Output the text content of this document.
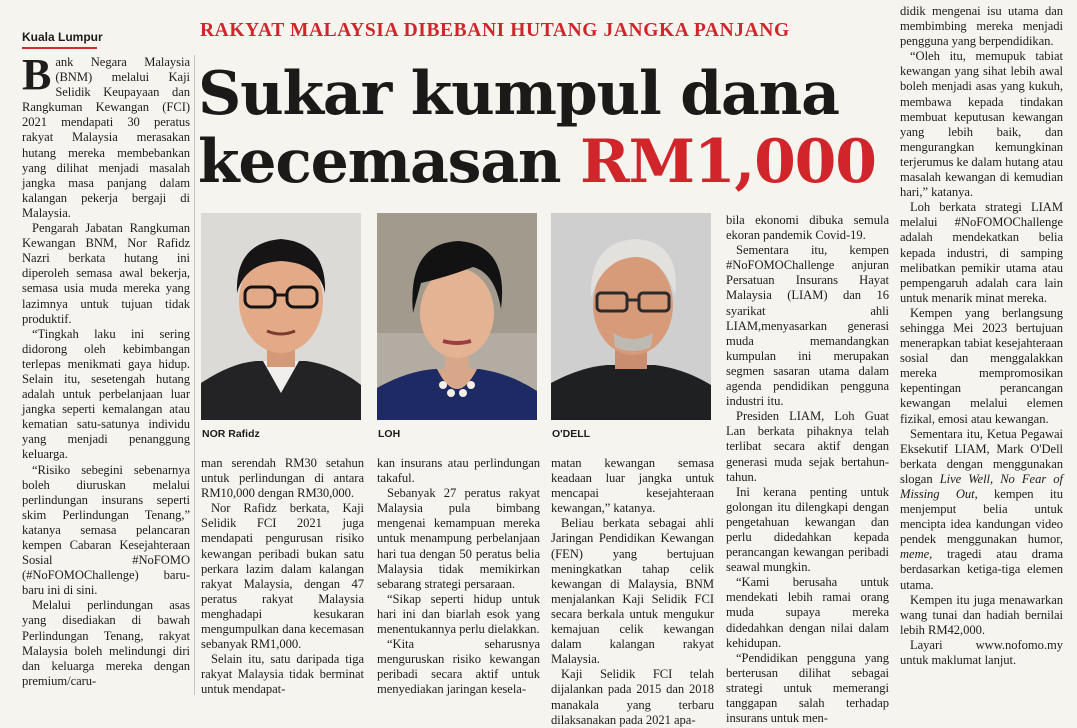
Kuala Lumpur	RAKYAT MALAYSIA DIBEBANI HUTANG JANGKA PANJANG
Sukar kumpul dana
kecemasan RM1,000

Bank Negara Malaysia (BNM) melalui Kaji Selidik Keupayaan dan Rangkuman Kewangan (FCI) 2021 mendapati 30 peratus rakyat Malaysia merasakan hutang mereka membebankan yang dilihat menjadi masalah jangka masa panjang dalam kalangan pekerja bergaji di Malaysia.

Pengarah Jabatan Rangkuman Kewangan BNM, Nor Rafidz Nazri berkata hutang ini diperoleh semasa awal bekerja, semasa usia muda mereka yang lazimnya untuk tujuan tidak produktif.

“Tingkah laku ini sering didorong oleh kebimbangan terlepas menikmati gaya hidup. Selain itu, sesetengah hutang adalah untuk perbelanjaan luar jangka seperti kemalangan atau kematian satu-satunya individu yang menjadi penanggung keluarga.

“Risiko sebegini sebenarnya boleh diuruskan melalui perlindungan insurans seperti skim Perlindungan Tenang,” katanya semasa pelancaran kempen Cabaran Kesejahteraan Sosial #NoFOMO (#NoFOMOChallenge) baru-baru ini di sini.

Melalui perlindungan asas yang disediakan di bawah Perlindungan Tenang, rakyat Malaysia boleh melindungi diri dan keluarga mereka dengan premium/caru-

NOR Rafidz	LOH	O'DELL

man serendah RM30 setahun untuk perlindungan di antara RM10,000 dengan RM30,000.

Nor Rafidz berkata, Kaji Selidik FCI 2021 juga mendapati pengurusan risiko kewangan peribadi bukan satu perkara lazim dalam kalangan rakyat Malaysia, dengan 47 peratus rakyat Malaysia menghadapi kesukaran mengumpulkan dana kecemasan sebanyak RM1,000.

Selain itu, satu daripada tiga rakyat Malaysia tidak berminat untuk mendapat-

kan insurans atau perlindungan takaful.

Sebanyak 27 peratus rakyat Malaysia pula bimbang mengenai kemampuan mereka untuk menampung perbelanjaan hari tua dengan 50 peratus belia Malaysia tidak memikirkan sebarang strategi persaraan.

“Sikap seperti hidup untuk hari ini dan biarlah esok yang menentukannya perlu dielakkan.

“Kita seharusnya menguruskan risiko kewangan peribadi secara aktif untuk menyediakan jaringan kesela-

matan kewangan semasa keadaan luar jangka untuk mencapai kesejahteraan kewangan,” katanya.

Beliau berkata sebagai ahli Jaringan Pendidikan Kewangan (FEN) yang bertujuan meningkatkan tahap celik kewangan di Malaysia, BNM menjalankan Kaji Selidik FCI secara berkala untuk mengukur kemajuan celik kewangan dalam kalangan rakyat Malaysia.

Kaji Selidik FCI telah dijalankan pada 2015 dan 2018 manakala yang terbaru dilaksanakan pada 2021 apa-

bila ekonomi dibuka semula ekoran pandemik Covid-19.

Sementara itu, kempen #NoFOMOChallenge anjuran Persatuan Insurans Hayat Malaysia (LIAM) dan 16 syarikat ahli LIAM,menyasarkan generasi muda memandangkan kumpulan ini merupakan segmen sasaran utama dalam agenda pendidikan pengguna industri itu.

Presiden LIAM, Loh Guat Lan berkata pihaknya telah terlibat secara aktif dengan generasi muda sejak bertahun-tahun.

Ini kerana penting untuk golongan itu dilengkapi dengan pengetahuan kewangan dan perlu didedahkan kepada perancangan kewangan peribadi seawal mungkin.

“Kami berusaha untuk mendekati lebih ramai orang muda supaya mereka didedahkan dengan nilai dalam kehidupan.

“Pendidikan pengguna yang berterusan dilihat sebagai strategi untuk memerangi tanggapan salah terhadap insurans untuk men-

didik mengenai isu utama dan membimbing mereka menjadi pengguna yang berpendidikan.

“Oleh itu, memupuk tabiat kewangan yang sihat lebih awal boleh menjadi asas yang kukuh, membawa kepada tindakan membuat keputusan kewangan yang lebih baik, dan mengurangkan kemungkinan terjerumus ke dalam hutang atau masalah kewangan di kemudian hari,” katanya.

Loh berkata strategi LIAM melalui #NoFOMOChallenge adalah mendekatkan belia kepada industri, di samping melibatkan pemikir utama atau pempengaruh adalah cara lain untuk menarik minat mereka.

Kempen yang berlangsung sehingga Mei 2023 bertujuan menerapkan tabiat kesejahteraan sosial dan menggalakkan mereka mempromosikan kepentingan perancangan kewangan melalui elemen fizikal, emosi atau kewangan.

Sementara itu, Ketua Pegawai Eksekutif LIAM, Mark O'Dell berkata dengan menggunakan slogan Live Well, No Fear of Missing Out, kempen itu menjemput belia untuk mencipta idea kandungan video pendek menggunakan humor, meme, tragedi atau drama berdasarkan ketiga-tiga elemen utama.

Kempen itu juga menawarkan wang tunai dan hadiah bernilai lebih RM42,000.

Layari www.nofomo.my untuk maklumat lanjut.
